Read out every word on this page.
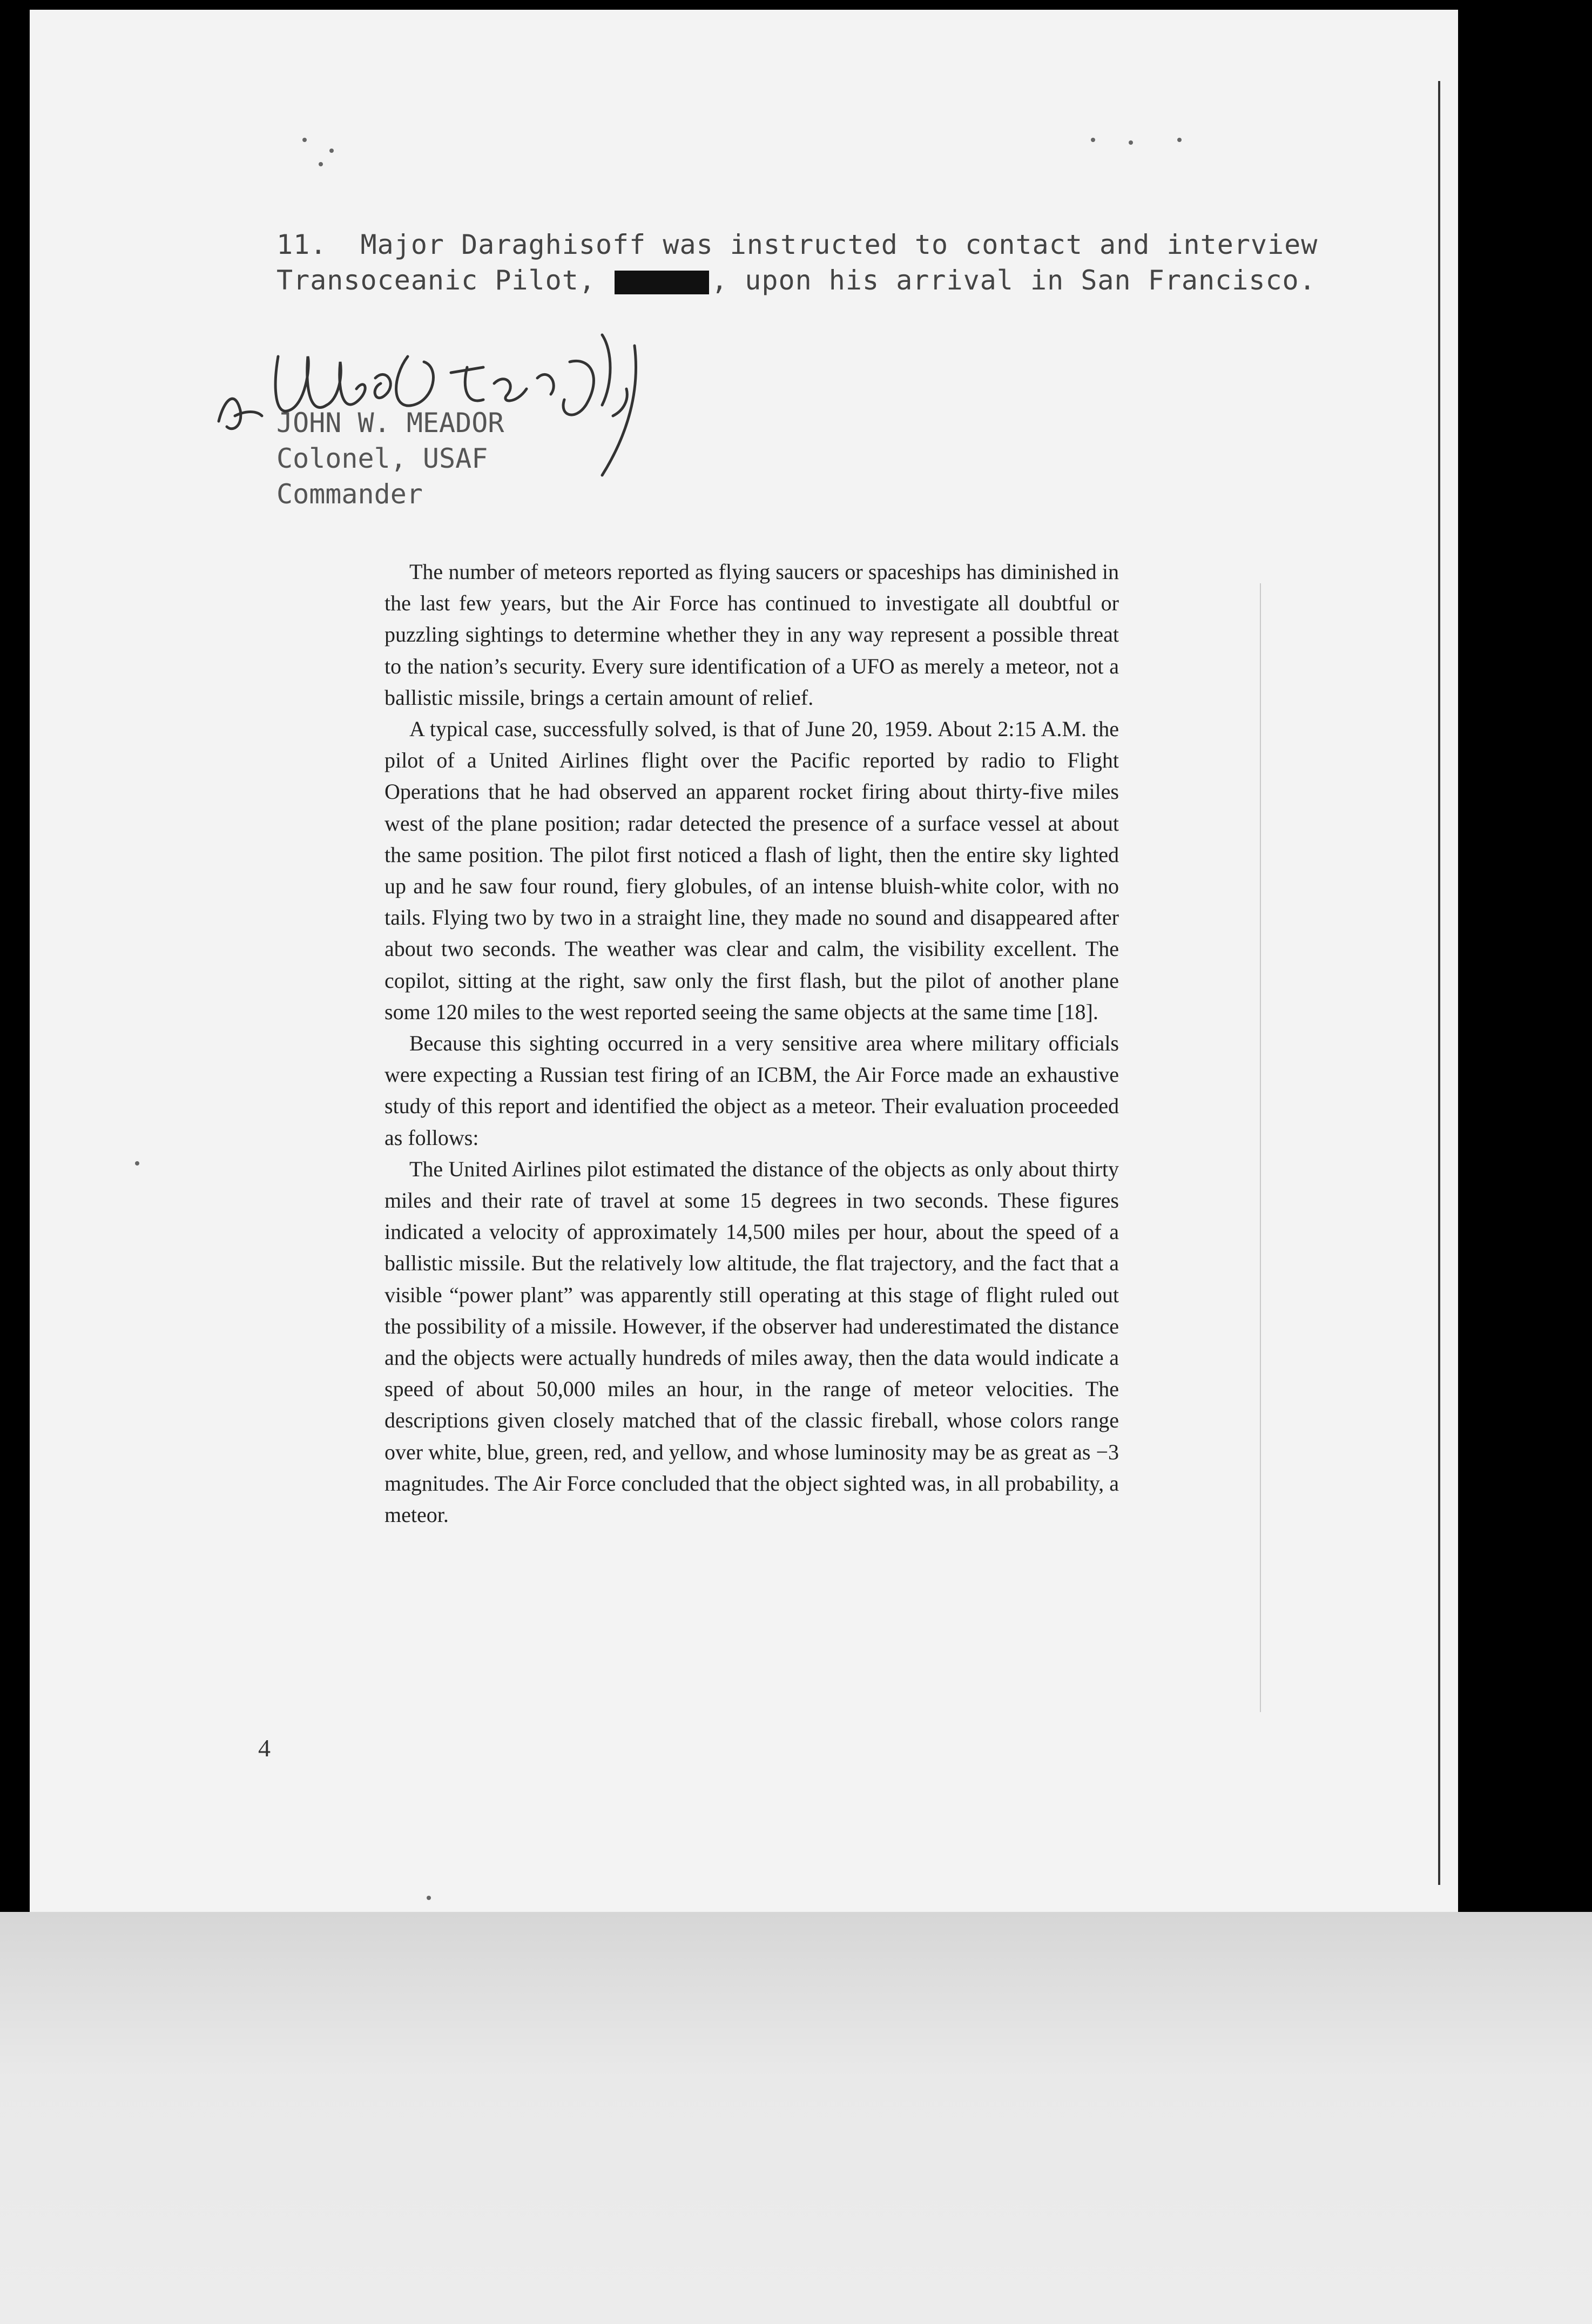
11.  Major Daraghisoff was instructed to contact and interview
Transoceanic Pilot,	, upon his arrival in San Francisco.
JOHN W. MEADOR
Colonel, USAF
Commander

The number of meteors reported as flying saucers or spaceships has diminished in the last few years, but the Air Force has continued to investigate all doubtful or puzzling sightings to determine whether they in any way represent a possible threat to the nation’s security. Every sure identification of a UFO as merely a meteor, not a ballistic missile, brings a certain amount of relief.

A typical case, successfully solved, is that of June 20, 1959. About 2:15 A.M. the pilot of a United Airlines flight over the Pacific reported by radio to Flight Operations that he had observed an apparent rocket firing about thirty-five miles west of the plane position; radar detected the presence of a surface vessel at about the same position. The pilot first noticed a flash of light, then the entire sky lighted up and he saw four round, fiery globules, of an intense bluish-white color, with no tails. Flying two by two in a straight line, they made no sound and disappeared after about two seconds. The weather was clear and calm, the visibility excellent. The copilot, sitting at the right, saw only the first flash, but the pilot of another plane some 120 miles to the west reported seeing the same objects at the same time [18].

Because this sighting occurred in a very sensitive area where military officials were expecting a Russian test firing of an ICBM, the Air Force made an exhaustive study of this report and identified the object as a meteor. Their evaluation proceeded as follows:

The United Airlines pilot estimated the distance of the objects as only about thirty miles and their rate of travel at some 15 degrees in two seconds. These figures indicated a velocity of approximately 14,500 miles per hour, about the speed of a ballistic missile. But the relatively low altitude, the flat trajectory, and the fact that a visible “power plant” was apparently still operating at this stage of flight ruled out the possibility of a missile. However, if the observer had underestimated the distance and the objects were actually hundreds of miles away, then the data would indicate a speed of about 50,000 miles an hour, in the range of meteor velocities. The descriptions given closely matched that of the classic fireball, whose colors range over white, blue, green, red, and yellow, and whose luminosity may be as great as −3 magnitudes. The Air Force concluded that the object sighted was, in all probability, a meteor.

4
